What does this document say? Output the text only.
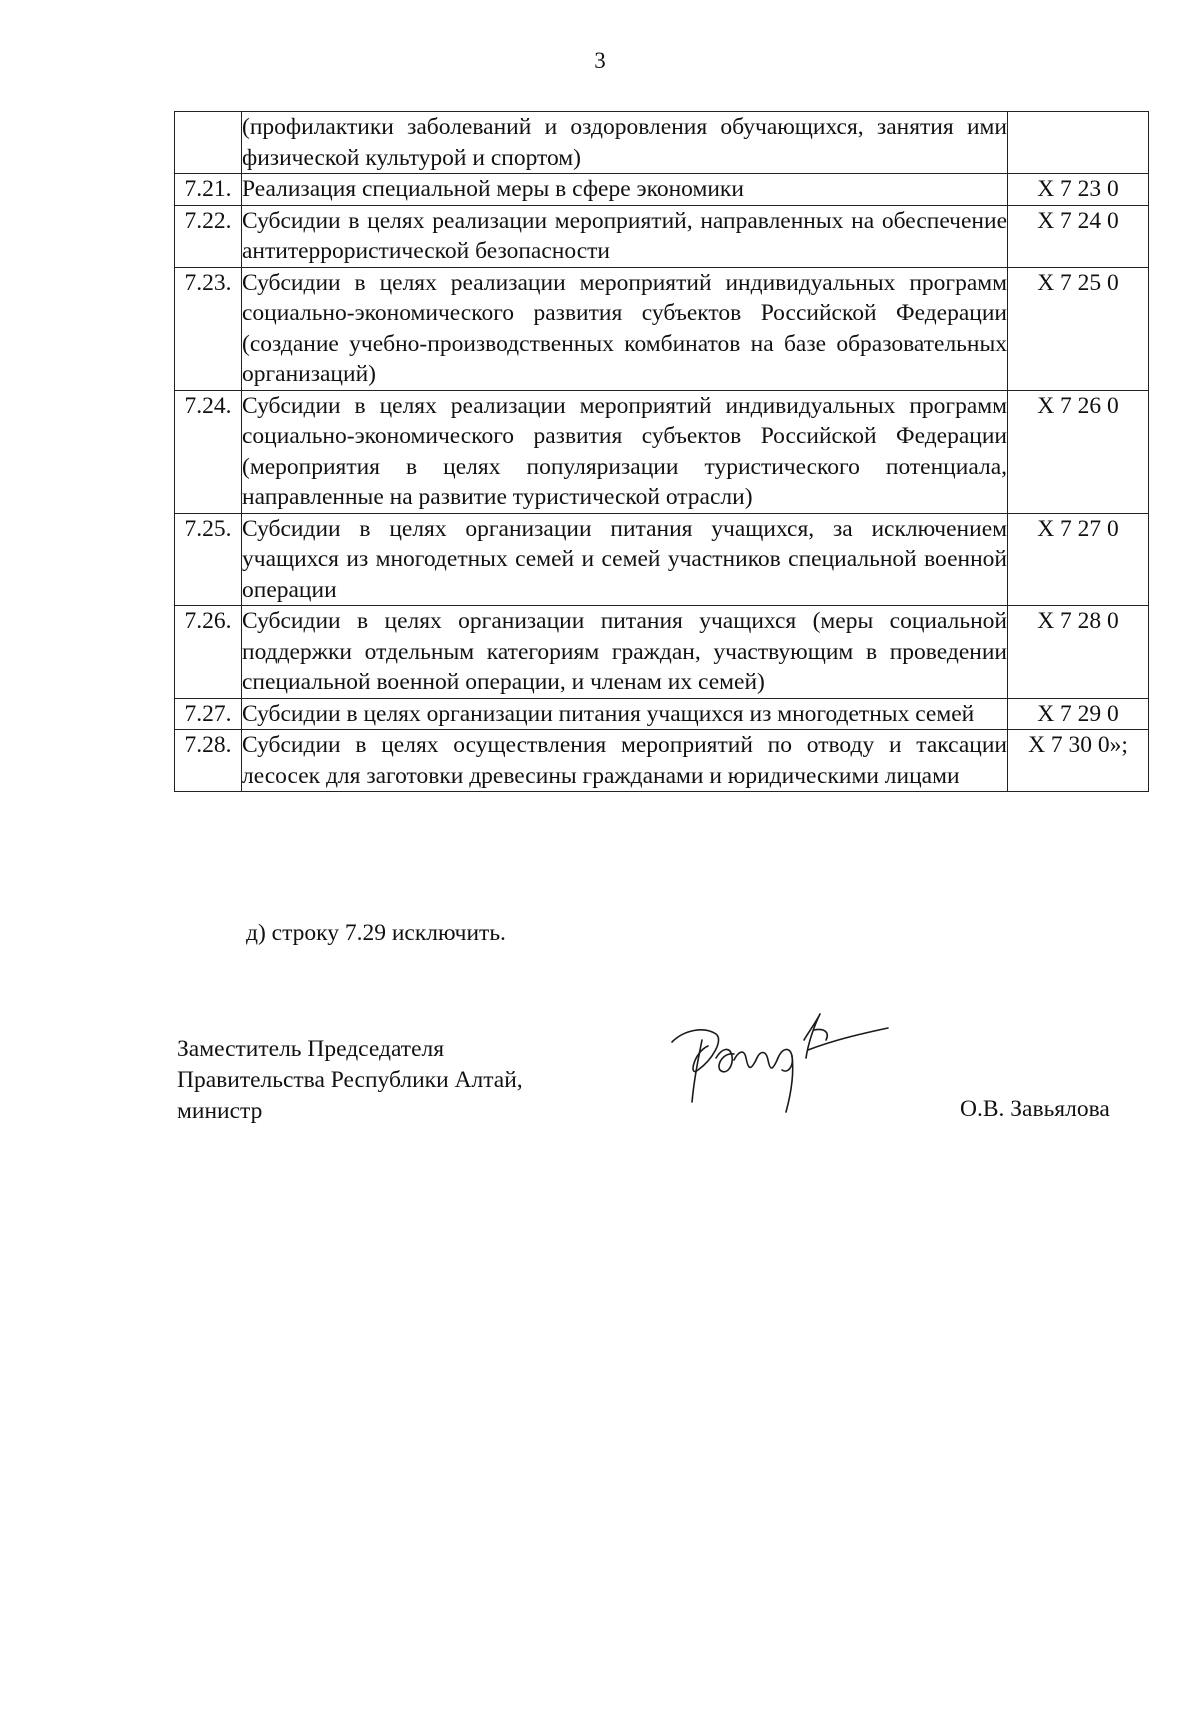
3
	(профилактики заболеваний и оздоровления обучающихся, занятия ими физической культурой и спортом)	
7.21.	Реализация специальной меры в сфере экономики	Х 7 23 0
7.22.	Субсидии в целях реализации мероприятий, направленных на обеспечение антитеррористической безопасности	Х 7 24 0
7.23.	Субсидии в целях реализации мероприятий индивидуальных программ социально-экономического развития субъектов Российской Федерации (создание учебно-производственных комбинатов на базе образовательных организаций)	Х 7 25 0
7.24.	Субсидии в целях реализации мероприятий индивидуальных программ социально-экономического развития субъектов Российской Федерации (мероприятия в целях популяризации туристического потенциала, направленные на развитие туристической отрасли)	Х 7 26 0
7.25.	Субсидии в целях организации питания учащихся, за исключением учащихся из многодетных семей и семей участников специальной военной операции	Х 7 27 0
7.26.	Субсидии в целях организации питания учащихся (меры социальной поддержки отдельным категориям граждан, участвующим в проведении специальной военной операции, и членам их семей)	Х 7 28 0
7.27.	Субсидии в целях организации питания учащихся из многодетных семей	Х 7 29 0
7.28.	Субсидии в целях осуществления мероприятий по отводу и таксации лесосек для заготовки древесины гражданами и юридическими лицами	Х 7 30 0»;
д) строку 7.29 исключить.
Заместитель Председателя
Правительства Республики Алтай,
министр	О.В. Завьялова
